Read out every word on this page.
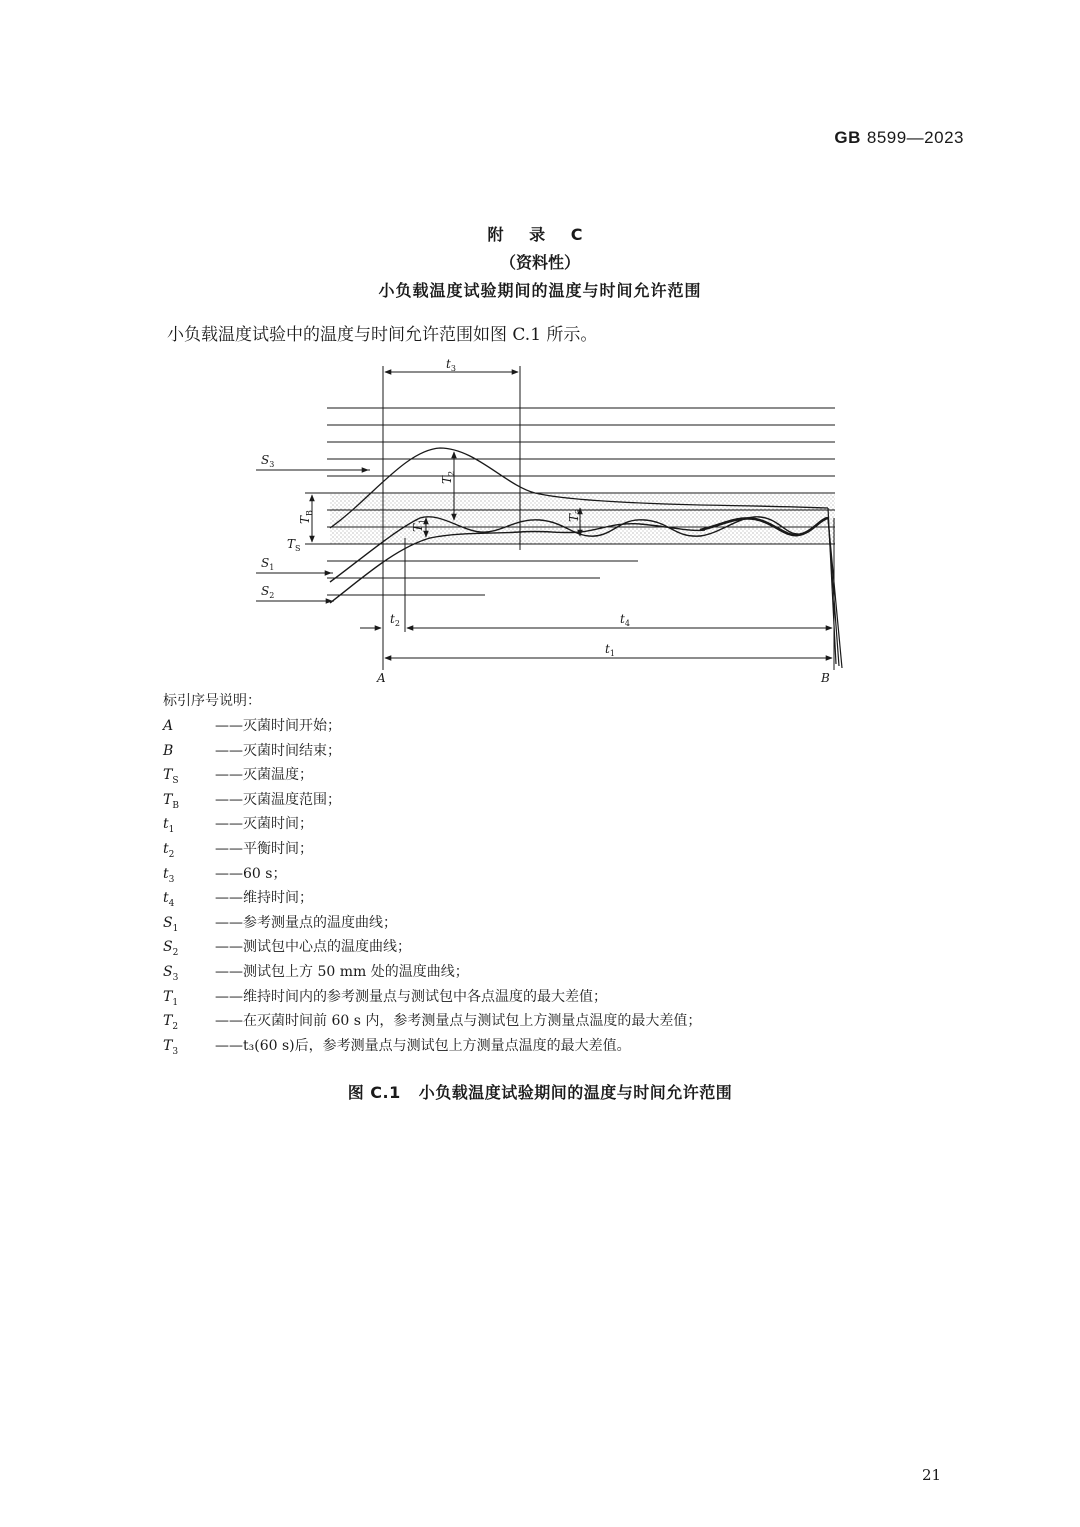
GB 8599—2023
附 录 C
（资料性）
小负载温度试验期间的温度与时间允许范围
小负载温度试验中的温度与时间允许范围如图 C.1 所示。
$t_3$
$S_3$
$T_B$
$T_S$
$T_2$
$T_1$	$T_3$
$S_1$
$S_2$
$t_2$	$t_4$
$t_1$
A	B
标引序号说明：
A	——灭菌时间开始；
B	——灭菌时间结束；
$T_S$	——灭菌温度；
$T_B$	——灭菌温度范围；
$t_1$	——灭菌时间；
$t_2$	——平衡时间；
$t_3$	——60 s；
$t_4$	——维持时间；
$S_1$	——参考测量点的温度曲线；
$S_2$	——测试包中心点的温度曲线；
$S_3$	——测试包上方 50 mm 处的温度曲线；
$T_1$	——维持时间内的参考测量点与测试包中各点温度的最大差值；
$T_2$	——在灭菌时间前 60 s 内，参考测量点与测试包上方测量点温度的最大差值；
$T_3$	——t₃(60 s)后，参考测量点与测试包上方测量点温度的最大差值。
图 C.1 小负载温度试验期间的温度与时间允许范围
21
